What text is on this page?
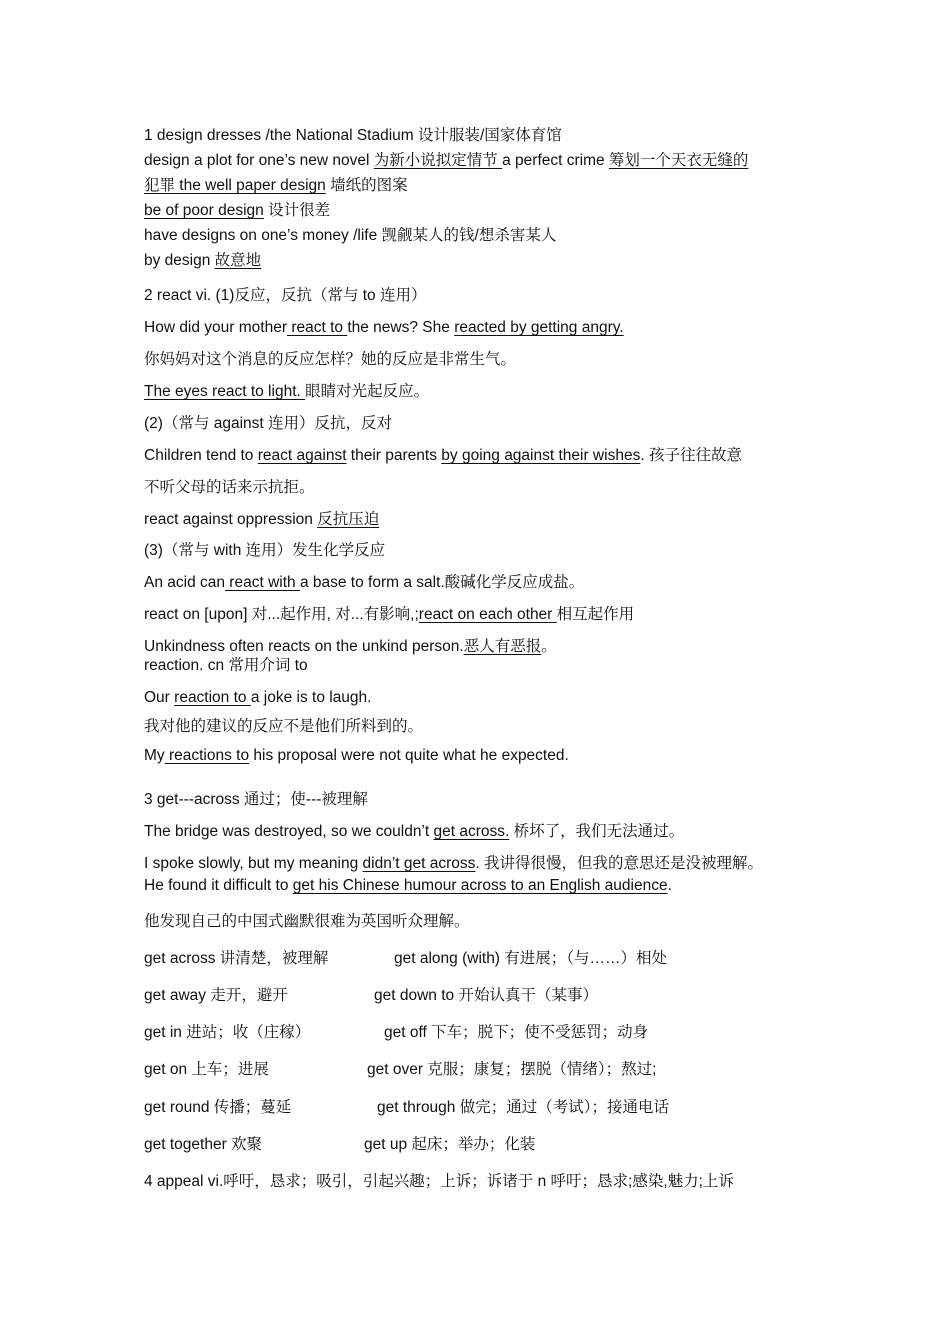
1 design dresses /the National Stadium 设计服装/国家体育馆
design a plot for one’s new novel 为新小说拟定情节 a perfect crime 筹划一个天衣无缝的
犯罪 the well paper design 墙纸的图案
be of poor design 设计很差
have designs on one’s money /life 觊觎某人的钱/想杀害某人
by design 故意地
2 react vi. (1)反应，反抗（常与 to 连用）
How did your mother react to the news? She reacted by getting angry.
你妈妈对这个消息的反应怎样？她的反应是非常生气。
The eyes react to light. 眼睛对光起反应。
(2)（常与 against 连用）反抗，反对
Children tend to react against their parents by going against their wishes. 孩子往往故意
不听父母的话来示抗拒。
react against oppression 反抗压迫
(3)（常与 with 连用）发生化学反应
An acid can react with a base to form a salt.酸碱化学反应成盐。
react on [upon] 对...起作用, 对...有影响,;react on each other 相互起作用
Unkindness often reacts on the unkind person.恶人有恶报。
reaction. cn 常用介词 to
Our reaction to a joke is to laugh.
我对他的建议的反应不是他们所料到的。
My reactions to his proposal were not quite what he expected.
3 get---across 通过；使---被理解
The bridge was destroyed, so we couldn’t get across. 桥坏了，我们无法通过。
I spoke slowly, but my meaning didn’t get across. 我讲得很慢，但我的意思还是没被理解。
He found it difficult to get his Chinese humour across to an English audience.
他发现自己的中国式幽默很难为英国听众理解。
get across 讲清楚，被理解	get along (with) 有进展；（与……）相处
get away 走开，避开	get down to 开始认真干（某事）
get in 进站；收（庄稼）	get off 下车；脱下；使不受惩罚；动身
get on 上车；进展	get over 克服；康复；摆脱（情绪）；熬过;
get round 传播；蔓延	get through 做完；通过（考试）；接通电话
get together 欢聚	get up 起床；举办；化装
4 appeal vi.呼吁，恳求；吸引，引起兴趣；上诉；诉诸于 n 呼吁；恳求;感染,魅力;上诉
